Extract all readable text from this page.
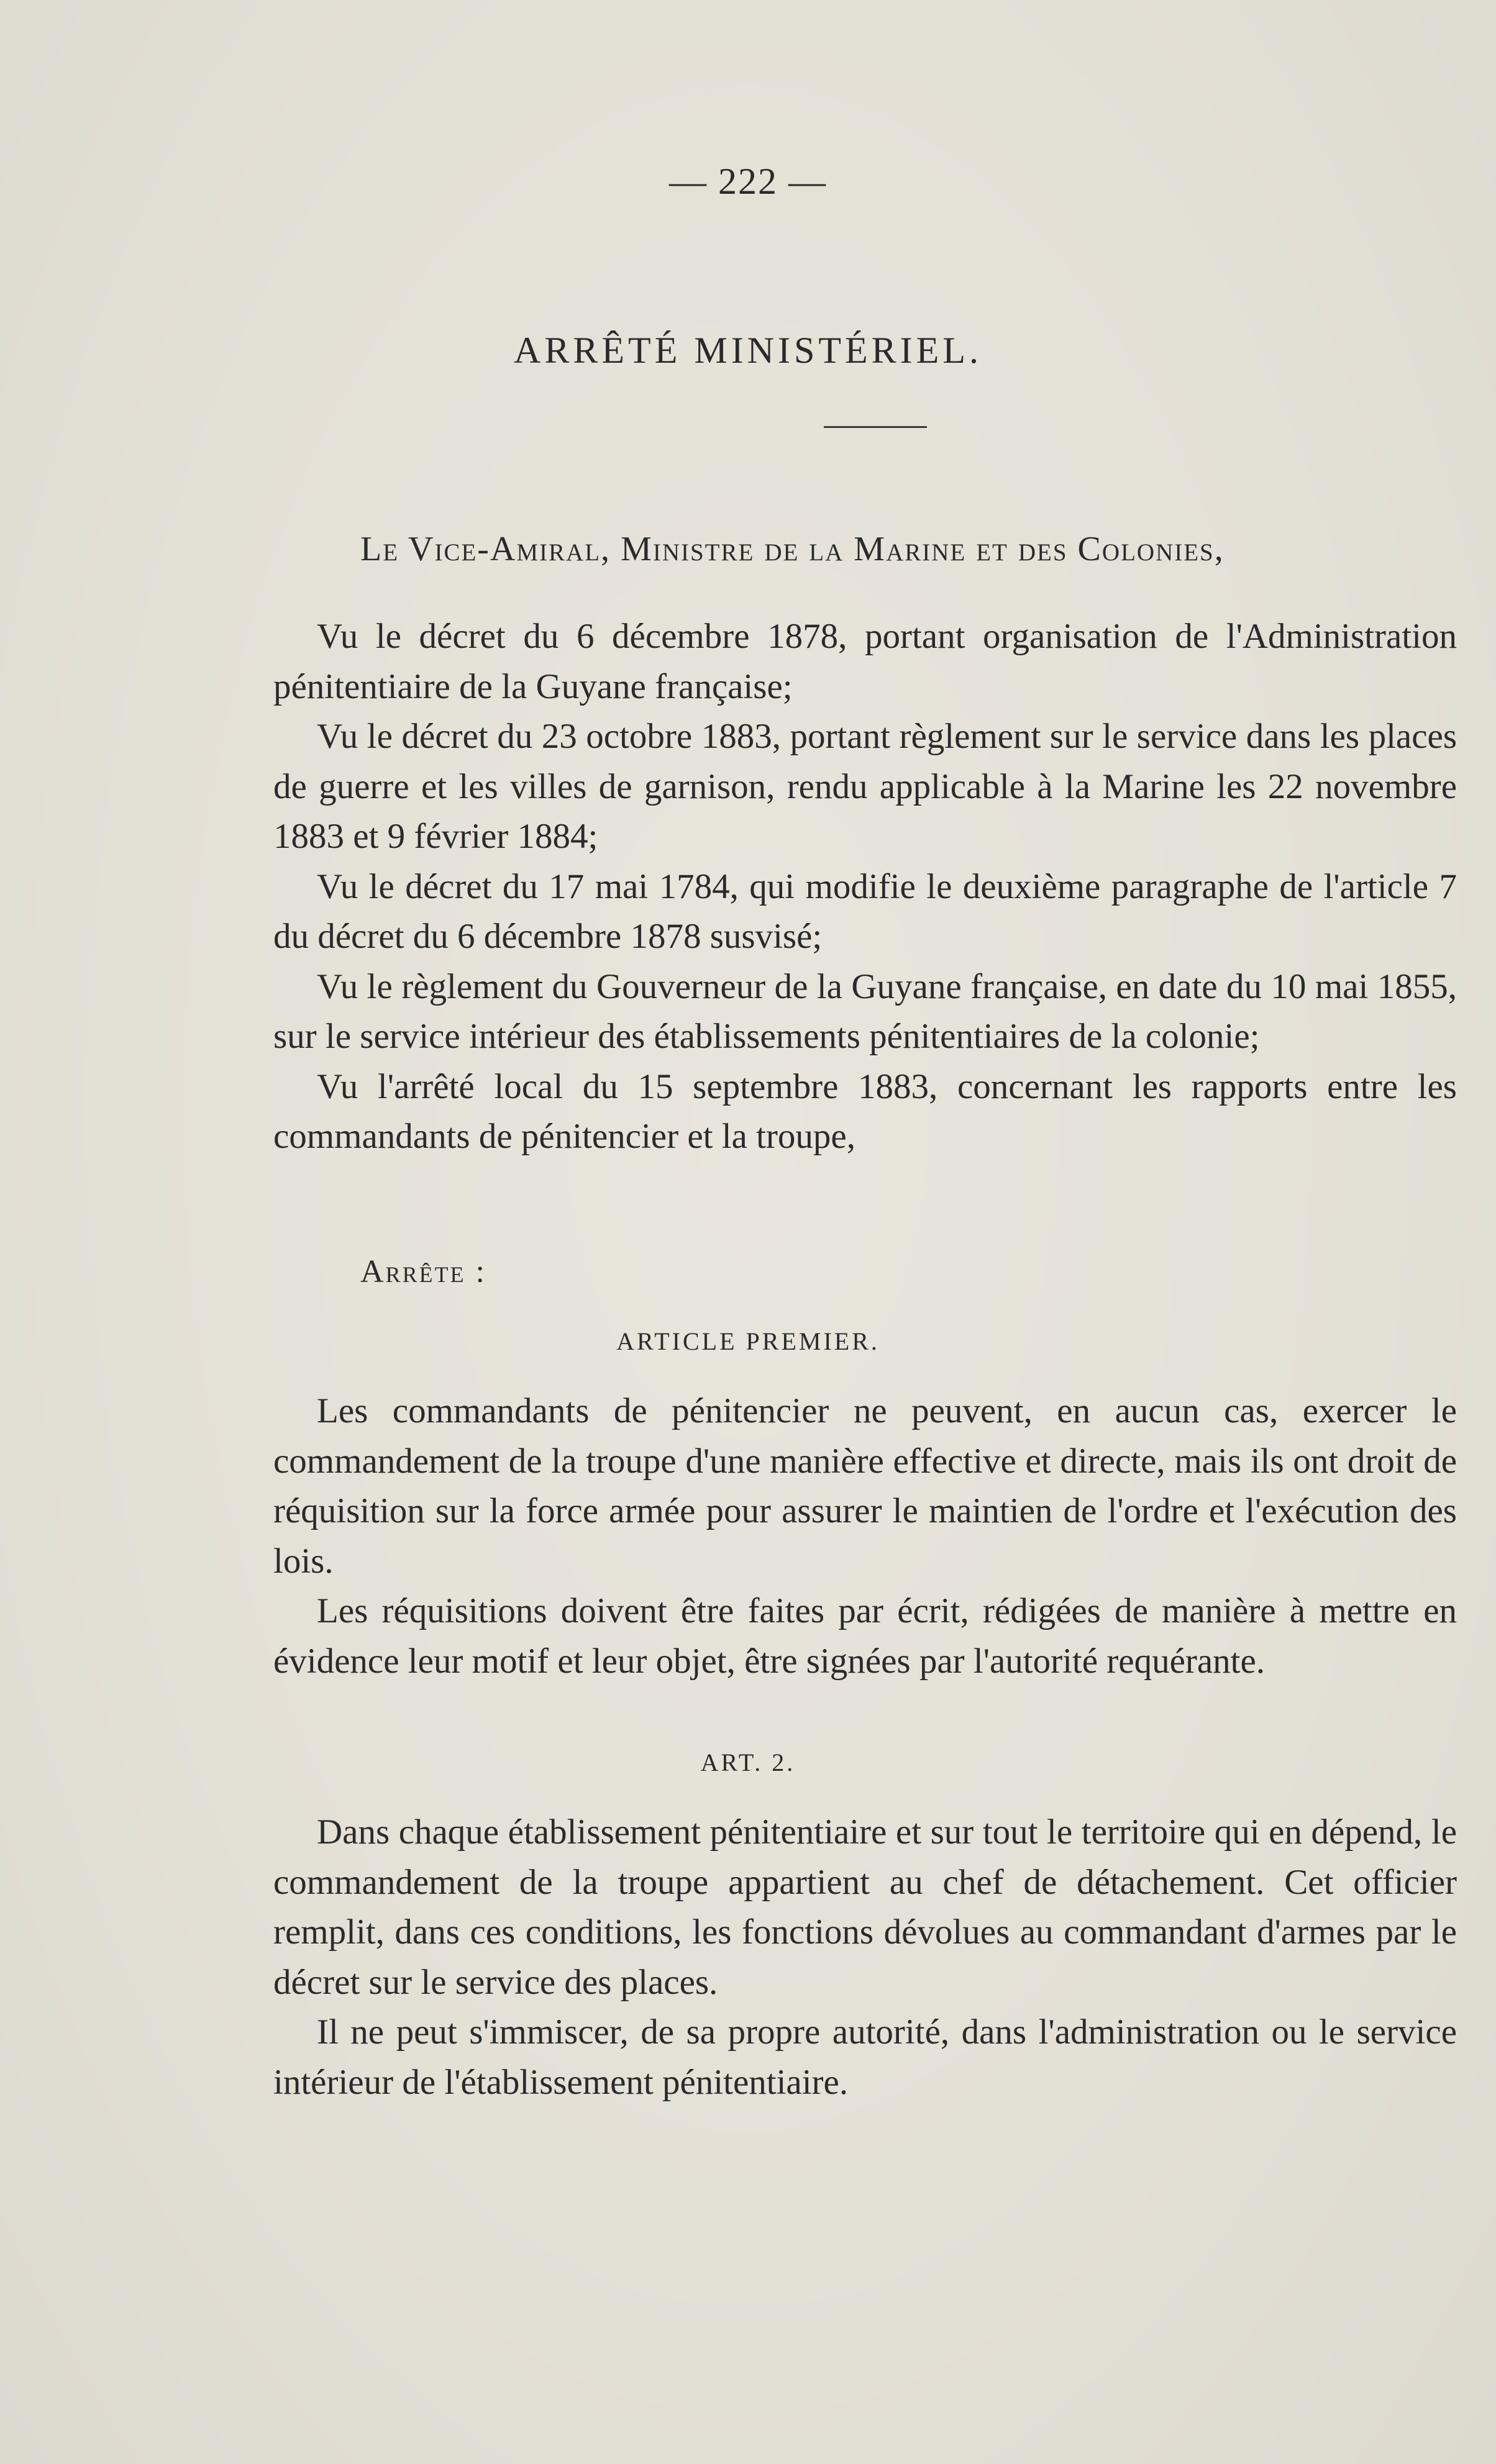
— 222 —
ARRÊTÉ MINISTÉRIEL.
Le Vice-Amiral, Ministre de la Marine et des Colonies,

Vu le décret du 6 décembre 1878, portant organisation de l'Administration pénitentiaire de la Guyane française;

Vu le décret du 23 octobre 1883, portant règlement sur le service dans les places de guerre et les villes de garnison, rendu applicable à la Marine les 22 novembre 1883 et 9 février 1884;

Vu le décret du 17 mai 1784, qui modifie le deuxième paragraphe de l'article 7 du décret du 6 décembre 1878 susvisé;

Vu le règlement du Gouverneur de la Guyane française, en date du 10 mai 1855, sur le service intérieur des établissements pénitentiaires de la colonie;

Vu l'arrêté local du 15 septembre 1883, concernant les rapports entre les commandants de pénitencier et la troupe,

Arrête :
ARTICLE PREMIER.

Les commandants de pénitencier ne peuvent, en aucun cas, exercer le commandement de la troupe d'une manière effective et directe, mais ils ont droit de réquisition sur la force armée pour assurer le maintien de l'ordre et l'exécution des lois.

Les réquisitions doivent être faites par écrit, rédigées de manière à mettre en évidence leur motif et leur objet, être signées par l'autorité requérante.

ART. 2.

Dans chaque établissement pénitentiaire et sur tout le territoire qui en dépend, le commandement de la troupe appartient au chef de détachement. Cet officier remplit, dans ces conditions, les fonctions dévolues au commandant d'armes par le décret sur le service des places.

Il ne peut s'immiscer, de sa propre autorité, dans l'administration ou le service intérieur de l'établissement pénitentiaire.
